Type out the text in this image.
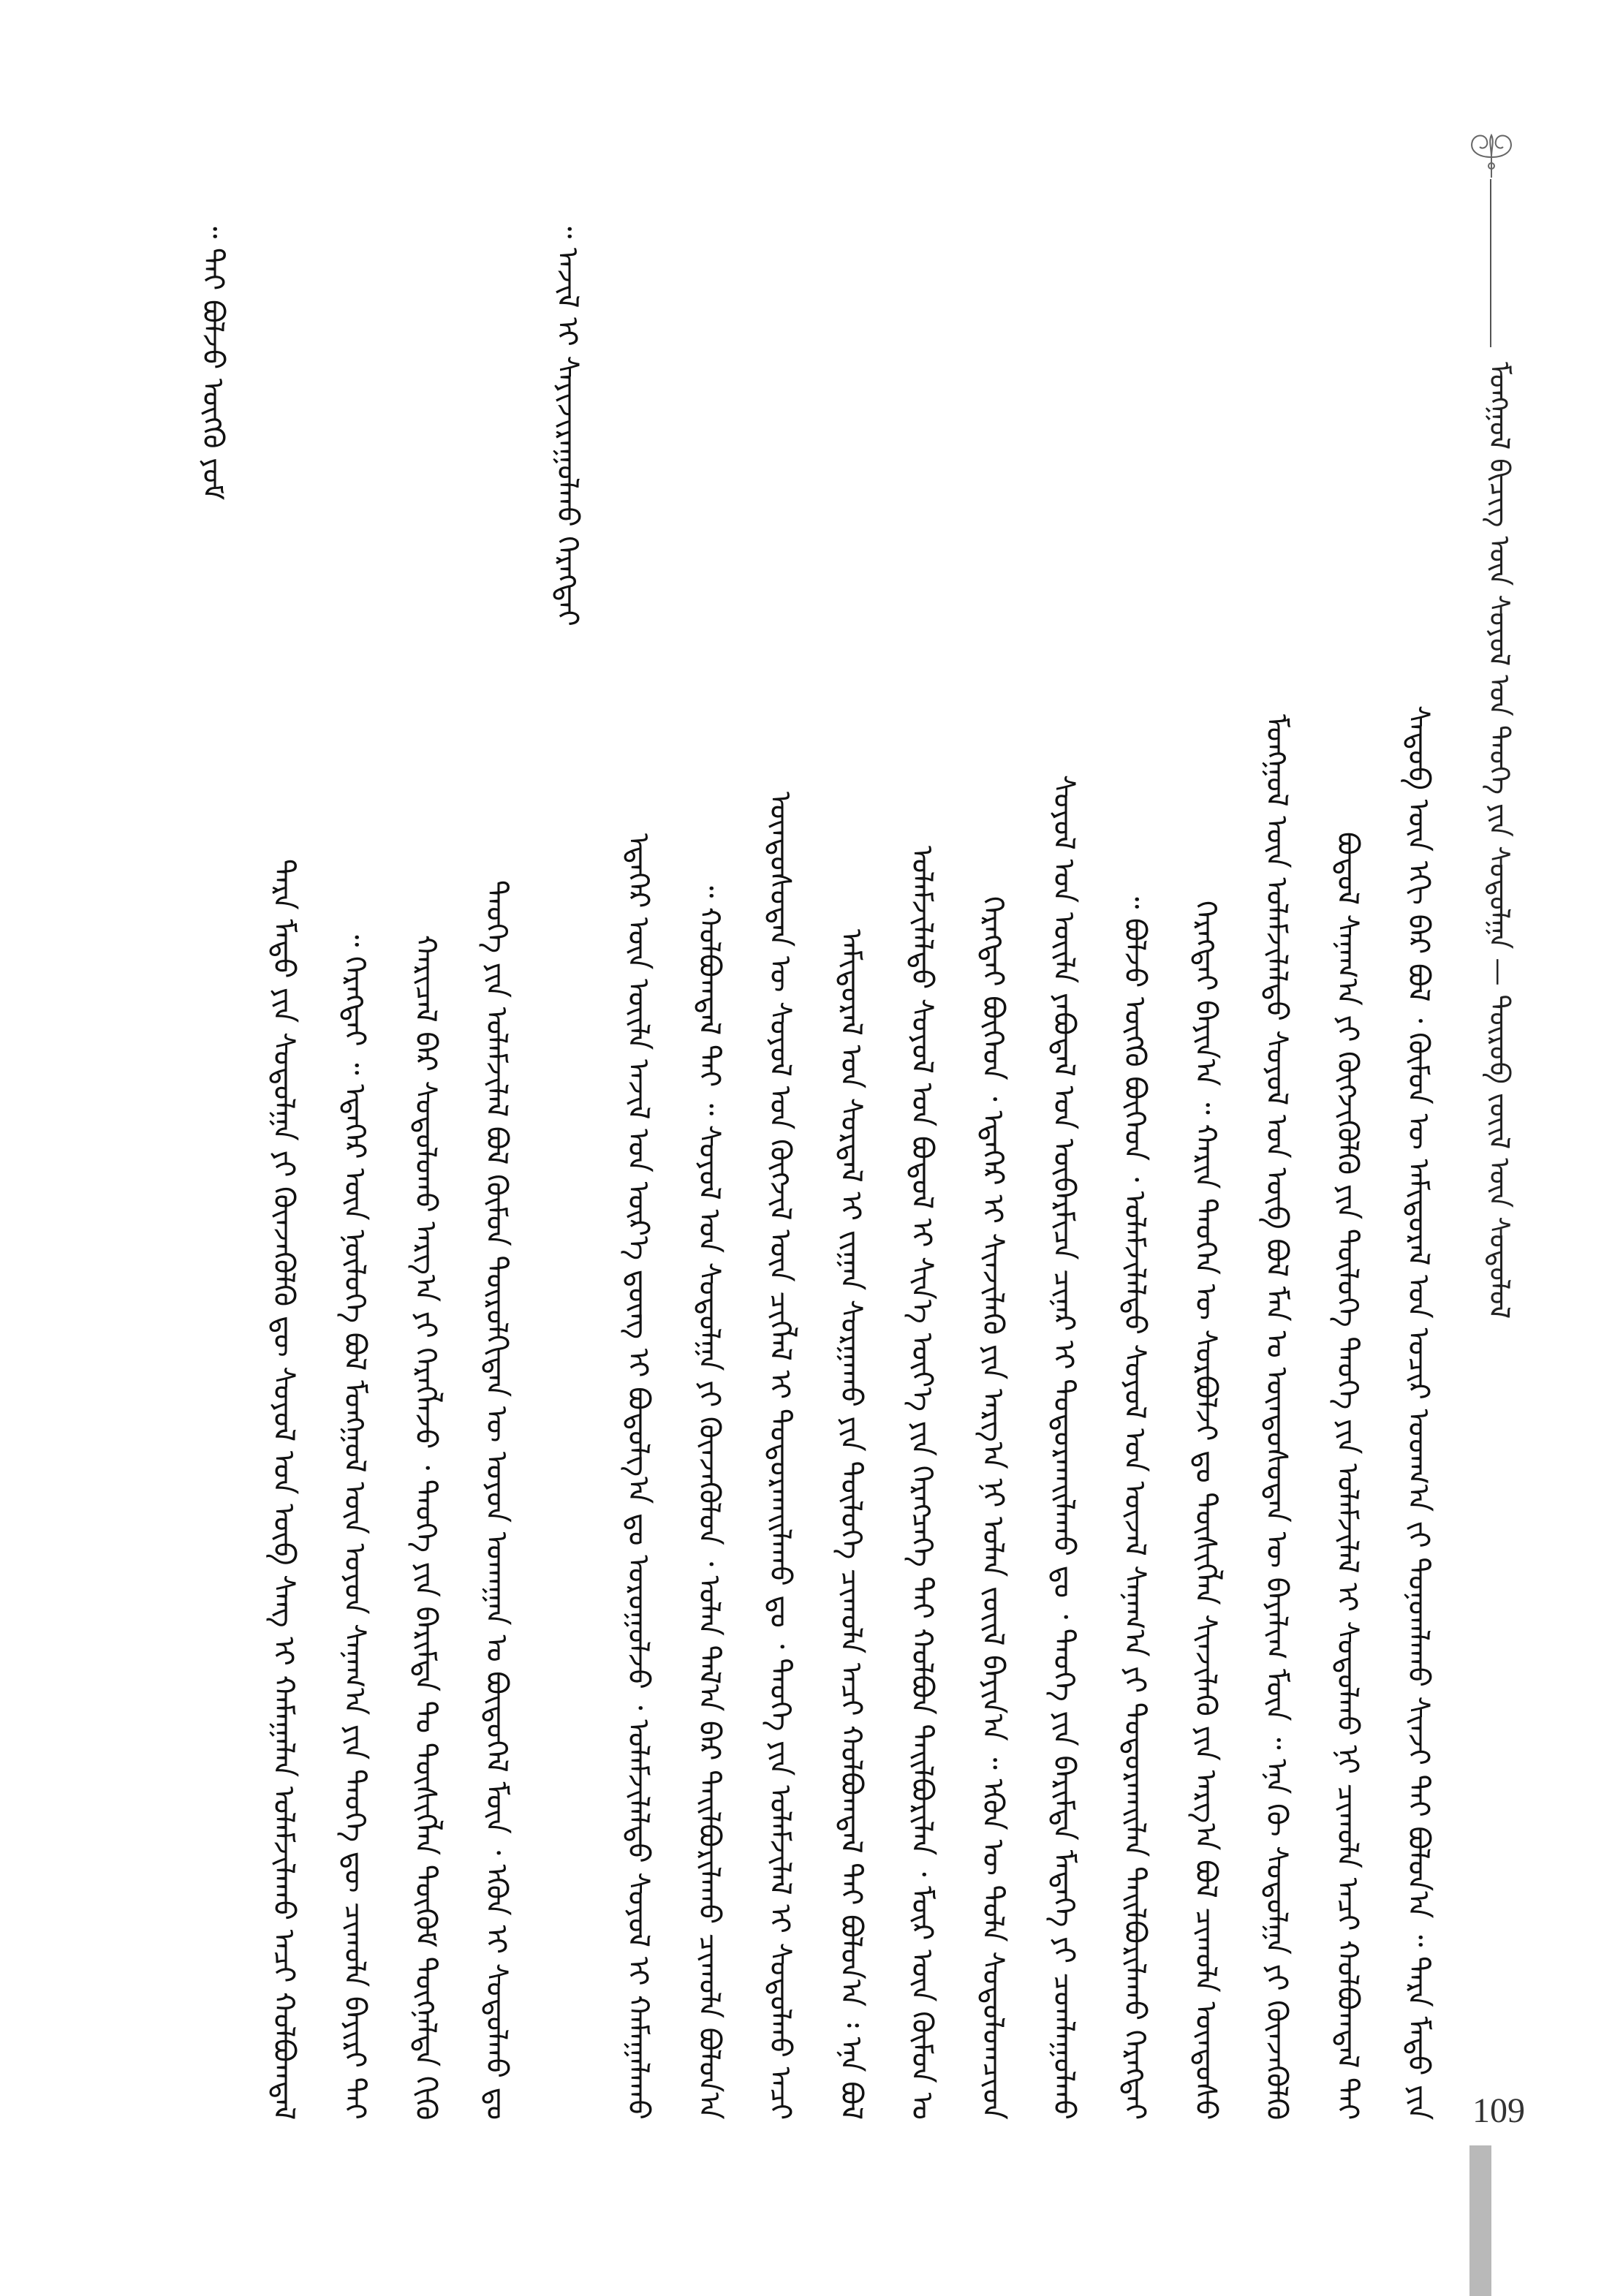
ᠮᠣᠩᠭᠣᠯ ᠪᠢᠴᠢᠭ ᠦᠨ ᠰᠣᠶᠣᠯ ᠤᠨ ᠲᠡᠦᠬᠡ ᠶᠢᠨ ᠰᠤᠳᠤᠯᠭᠠ — ᠲᠦᠷᠦᠪ ᠵᠦᠢᠯ ᠦᠨ ᠰᠤᠳᠤᠯᠤᠯ
ᠰᠡᠳᠦᠪ ᠦᠨ ᠡᠬᠢ ᠪᠡᠷ ᠪᠣᠯ ᠂ ᠬᠦᠮᠦᠨ ᠦ ᠠᠮᠢᠳᠤᠷᠠᠯ ᠤᠨ ᠤᠴᠢᠷ ᠤᠳᠬ᠎ᠠ ᠵᠢ ᠲᠣᠨᠣᠭᠯᠠᠬᠤ ᠰᠢᠨᠵᠢ ᠲᠡᠢ ᠪᠣᠯᠤᠨ᠎ᠠ ᠃ ᠲᠡᠷᠡ ᠮᠡᠲᠦ ᠶᠢᠨ
ᠪᠣᠳᠤᠯ ᠰᠠᠨᠠᠭ᠎ᠠ ᠶᠢ ᠬᠥᠭᠵᠢᠭᠦᠯᠬᠦ ᠶᠢᠨ ᠲᠥᠯᠥᠭᠡ ᠲᠡᠦᠬᠡ ᠶᠢᠨ ᠤᠯᠠᠮᠵᠢᠯᠠᠯ ᠢ ᠰᠤᠳᠤᠯᠬᠤ ᠨᠢ ᠴᠢᠬᠤᠯᠠ ᠠᠴᠢ ᠬᠣᠯᠪᠣᠭᠳᠠᠯ ᠲᠠᠢ
ᠮᠣᠩᠭᠣᠯ ᠦᠨ ᠤᠯᠠᠮᠵᠢᠯᠠᠯᠲᠤ ᠰᠣᠶᠣᠯ ᠤᠨ ᠥᠪ ᠪᠣᠯ ᠮᠠᠨ ᠤ ᠦᠨᠳᠦᠰᠦᠲᠡᠨ ᠦ ᠪᠠᠶᠠᠯᠢᠭ ᠮᠥᠨ ᠃ ᠡᠨᠡ ᠬᠦ ᠰᠤᠳᠤᠯᠭᠠ ᠶᠢ ᠭᠦᠨᠵᠡᠭᠦᠯᠬᠦ
ᠬᠡᠷᠡᠭᠲᠡᠢ ᠪᠠᠶᠢᠨ᠎ᠠ ᠃ ᠬᠠᠷᠢᠨ ᠲᠡᠦᠬᠡᠨ ᠦ ᠰᠤᠷᠪᠤᠯᠵᠢ ᠳᠤ ᠲᠦᠰᠢᠭᠯᠡᠨ ᠰᠢᠨᠵᠢᠯᠡᠬᠦ ᠶᠢᠨ ᠠᠷᠭ᠎ᠠ ᠪᠣᠯ ᠴᠢᠬᠤᠯᠠ ᠦᠨᠳᠦᠰᠦ
ᠪᠣᠯᠵᠤ ᠥᠭᠬᠦ ᠪᠥᠭᠡᠳ ᠂ ᠤᠯᠠᠮᠵᠢᠯᠠᠯᠲᠤ ᠰᠣᠶᠣᠯ ᠤᠨ ᠦᠵᠡᠯ ᠰᠠᠨᠠᠭ᠎ᠠ ᠶᠢ ᠲᠣᠳᠤᠷᠬᠠᠢᠯᠠᠨ ᠲᠠᠢᠯᠪᠤᠷᠢᠯᠠᠬᠤ ᠬᠡᠷᠡᠭᠲᠡᠢ ᠃
ᠰᠣᠶᠣᠯ ᠤᠨ ᠦᠢᠯᠡ ᠶᠠᠪᠤᠳᠠᠯ ᠤᠨ ᠥᠪᠡᠷᠮᠢᠴᠡ ᠴᠢᠨᠠᠷ ᠢ ᠲᠣᠳᠤᠷᠬᠠᠢᠯᠠᠬᠤ ᠳᠤ ᠂ ᠲᠡᠦᠬᠡ ᠶᠢᠨ ᠪᠠᠷᠢᠮᠲᠠ ᠮᠡᠳᠡᠭᠡ ᠶᠢ ᠴᠤᠭᠯᠠᠭᠤᠯᠬᠤ
ᠬᠡᠷᠡᠭᠲᠡᠢ ᠪᠥᠭᠡᠳ ᠂ ᠡᠳᠡᠭᠡᠷ ᠢ ᠰᠢᠨᠵᠢᠯᠡᠬᠦ ᠶᠢᠨ ᠠᠷᠭ᠎ᠠ ᠨᠢ ᠣᠯᠠᠨ ᠵᠦᠢᠯ ᠪᠠᠶᠢᠨ᠎ᠠ ᠃ ᠡᠭᠦᠨ ᠦ ᠲᠤᠯᠠ ᠰᠤᠳᠤᠯᠤᠭᠴᠢᠳ
ᠤᠯᠠᠮᠵᠢᠯᠠᠯᠲᠤ ᠰᠣᠶᠣᠯ ᠤᠨ ᠪᠣᠳᠤᠯ ᠢ ᠰᠢᠨ᠎ᠡ ᠦᠶ᠎ᠡ ᠶᠢᠨ ᠬᠡᠷᠡᠭᠴᠡᠭᠡ ᠲᠡᠢ ᠬᠣᠯᠪᠣᠨ ᠲᠠᠢᠯᠪᠤᠷᠢᠯᠠᠨ ᠂ ᠮᠥᠷ ᠦᠨ ᠬᠦᠮᠦᠨ ᠤ
ᠠᠮᠢᠳᠤᠷᠠᠯ ᠤᠨ ᠰᠤᠷᠲᠠᠯ ᠢ ᠵᠢᠭᠠᠨ ᠰᠤᠷᠭᠠᠬᠤ ᠶᠢᠨ ᠲᠥᠯᠥᠭᠡ ᠴᠢᠬᠤᠯᠠ ᠠᠴᠢ ᠬᠣᠯᠪᠣᠭᠳᠠᠯ ᠲᠠᠢ ᠪᠣᠯᠤᠨ᠎ᠠ ᠄ ᠡᠨᠡ ᠪᠣᠯ
ᠦᠨᠳᠦᠰᠦᠲᠡᠨ ᠦ ᠰᠣᠶᠣᠯ ᠤᠨ ᠬᠥᠭᠵᠢᠯ ᠦᠨ ᠴᠢᠭᠯᠡᠯ ᠢ ᠲᠣᠳᠤᠷᠬᠠᠢᠯᠠᠬᠤ ᠳᠤ ᠂ ᠲᠡᠦᠬᠡ ᠶᠢᠨ ᠤᠯᠠᠮᠵᠢᠯᠠᠯ ᠢ ᠰᠤᠳᠤᠯᠬᠤ ᠠᠴᠢ
ᠬᠣᠯᠪᠣᠭᠳᠠᠯ ᠲᠠᠢ ᠃ ᠰᠣᠶᠣᠯ ᠤᠨ ᠰᠤᠳᠤᠯᠭᠠ ᠶᠢ ᠭᠦᠨᠵᠡᠭᠦᠯᠦᠨ ᠂ ᠣᠯᠠᠨ ᠲᠠᠯ᠎ᠠ ᠪᠠᠷ ᠲᠠᠢᠯᠪᠤᠷᠢᠯᠠᠬᠤ ᠴᠢᠬᠤᠯᠠ ᠪᠣᠯᠤᠨ᠎ᠠ ᠃
ᠡᠳᠡᠭᠡᠷ ᠦᠨ ᠦᠢᠯᠡ ᠠᠵᠢᠯ ᠤᠨ ᠦᠷ᠎ᠡ ᠳ᠋ᠦᠩ ᠢ ᠪᠣᠳᠤᠯᠭ᠎ᠠ ᠳᠤ ᠣᠷᠣᠭᠤᠯᠵᠤ ᠂ ᠤᠯᠠᠮᠵᠢᠯᠠᠯᠲᠤ ᠰᠣᠶᠣᠯ ᠢ ᠬᠠᠮᠠᠭᠠᠯᠠᠬᠤ
ᠠᠵᠢᠯ ᠢ ᠰᠠᠶᠢᠵᠢᠷᠠᠭᠤᠯᠬᠤ ᠬᠡᠷᠡᠭᠲᠡᠢ ᠃
ᠲᠡᠦᠬᠡ ᠶᠢᠨ ᠤᠯᠠᠮᠵᠢᠯᠠᠯ ᠪᠣᠯ ᠬᠦᠮᠦᠨ ᠲᠥᠷᠥᠯᠬᠢᠲᠡᠨ ᠦ ᠣᠶᠤᠨ ᠤᠬᠠᠭᠠᠨ ᠤ ᠪᠦᠲᠦᠭᠡᠯ ᠮᠥᠨ ᠂ ᠡᠭᠦᠨ ᠢ ᠰᠤᠳᠤᠯᠬᠤ ᠳᠤ
ᠬᠠᠷᠢᠴᠠᠯ ᠪᠡᠷ ᠰᠤᠳᠤᠯᠤᠬᠤ ᠠᠷᠭ᠎ᠠ ᠶᠢ ᠬᠡᠷᠡᠭᠯᠡᠵᠦ ᠂ ᠲᠡᠦᠬᠡ ᠶᠢᠨ ᠪᠠᠷᠢᠮᠲᠠ ᠲᠤ ᠲᠦᠰᠢᠭᠯᠡᠨ ᠳᠦᠭᠦᠮ ᠳᠦᠭᠨᠡᠯᠲᠡ ᠬᠢᠬᠦ
ᠬᠡᠷᠡᠭᠲᠡᠢ ᠃ ᠡᠳᠡᠭᠡᠷ ᠦᠨ ᠨᠥᠯᠥᠭᠡ ᠪᠣᠯ ᠮᠣᠩᠭᠣᠯ ᠦᠨ ᠣᠶᠤᠨ ᠰᠠᠨᠠᠭ᠎ᠠ ᠶᠢᠨ ᠲᠡᠦᠬᠡ ᠳᠦ ᠴᠢᠬᠤᠯᠠ ᠪᠠᠶᠢᠷᠢ ᠲᠡᠢ ᠃
ᠲᠡᠷᠡ ᠮᠡᠲᠦ ᠶᠢᠨ ᠰᠤᠳᠤᠯᠭᠠ ᠶᠢ ᠭᠦᠨᠵᠡᠭᠦᠯᠬᠦ ᠳᠦ ᠰᠣᠶᠣᠯ ᠤᠨ ᠦᠪ ᠰᠠᠩ ᠢ ᠬᠠᠮᠠᠭᠠᠯᠠᠨ ᠤᠯᠠᠮᠵᠢᠯᠠᠬᠤ ᠠᠴᠢ ᠬᠣᠯᠪᠣᠭᠳᠠᠯ
ᠲᠠᠢ ᠪᠣᠯᠵᠤ ᠥᠭᠬᠦ ᠶᠤᠮ ᠃
109
